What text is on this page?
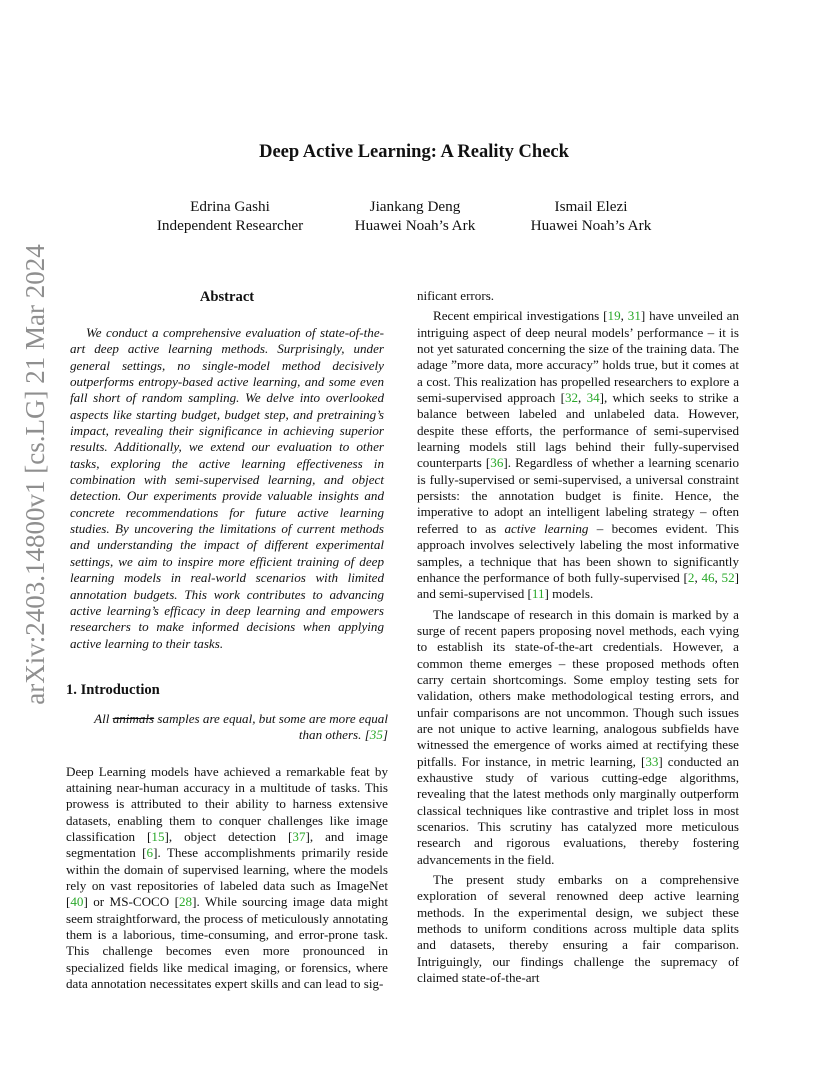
Deep Active Learning: A Reality Check
Edrina Gashi
Independent Researcher
Jiankang Deng
Huawei Noah’s Ark
Ismail Elezi
Huawei Noah’s Ark
arXiv:2403.14800v1 [cs.LG] 21 Mar 2024	Abstract
We conduct a comprehensive evaluation of state-of-the-art deep active learning methods. Surprisingly, under general settings, no single-model method decisively outperforms entropy-based active learning, and some even fall short of random sampling. We delve into overlooked aspects like starting budget, budget step, and pretraining’s impact, revealing their significance in achieving superior results. Additionally, we extend our evaluation to other tasks, exploring the active learning effectiveness in combination with semi-supervised learning, and object detection. Our experiments provide valuable insights and concrete recommendations for future active learning studies. By uncovering the limitations of current methods and understanding the impact of different experimental settings, we aim to inspire more efficient training of deep learning models in real-world scenarios with limited annotation budgets. This work contributes to advancing active learning’s efficacy in deep learning and empowers researchers to make informed decisions when applying active learning to their tasks.
1. Introduction
All animals samples are equal, but some are more equal than others. [35]

Deep Learning models have achieved a remarkable feat by attaining near-human accuracy in a multitude of tasks. This prowess is attributed to their ability to harness extensive datasets, enabling them to conquer challenges like image classification [15], object detection [37], and image segmentation [6]. These accomplishments primarily reside within the domain of supervised learning, where the models rely on vast repositories of labeled data such as ImageNet [40] or MS-COCO [28]. While sourcing image data might seem straightforward, the process of meticulously annotating them is a laborious, time-consuming, and error-prone task. This challenge becomes even more pronounced in specialized fields like medical imaging, or forensics, where data annotation necessitates expert skills and can lead to sig-

nificant errors.

Recent empirical investigations [19, 31] have unveiled an intriguing aspect of deep neural models’ performance – it is not yet saturated concerning the size of the training data. The adage ”more data, more accuracy” holds true, but it comes at a cost. This realization has propelled researchers to explore a semi-supervised approach [32, 34], which seeks to strike a balance between labeled and unlabeled data. However, despite these efforts, the performance of semi-supervised learning models still lags behind their fully-supervised counterparts [36]. Regardless of whether a learning scenario is fully-supervised or semi-supervised, a universal constraint persists: the annotation budget is finite. Hence, the imperative to adopt an intelligent labeling strategy – often referred to as active learning – becomes evident. This approach involves selectively labeling the most informative samples, a technique that has been shown to significantly enhance the performance of both fully-supervised [2, 46, 52] and semi-supervised [11] models.

The landscape of research in this domain is marked by a surge of recent papers proposing novel methods, each vying to establish its state-of-the-art credentials. However, a common theme emerges – these proposed methods often carry certain shortcomings. Some employ testing sets for validation, others make methodological testing errors, and unfair comparisons are not uncommon. Though such issues are not unique to active learning, analogous subfields have witnessed the emergence of works aimed at rectifying these pitfalls. For instance, in metric learning, [33] conducted an exhaustive study of various cutting-edge algorithms, revealing that the latest methods only marginally outperform classical techniques like contrastive and triplet loss in most scenarios. This scrutiny has catalyzed more meticulous research and rigorous evaluations, thereby fostering advancements in the field.

The present study embarks on a comprehensive exploration of several renowned deep active learning methods. In the experimental design, we subject these methods to uniform conditions across multiple data splits and datasets, thereby ensuring a fair comparison. Intriguingly, our findings challenge the supremacy of claimed state-of-the-art
